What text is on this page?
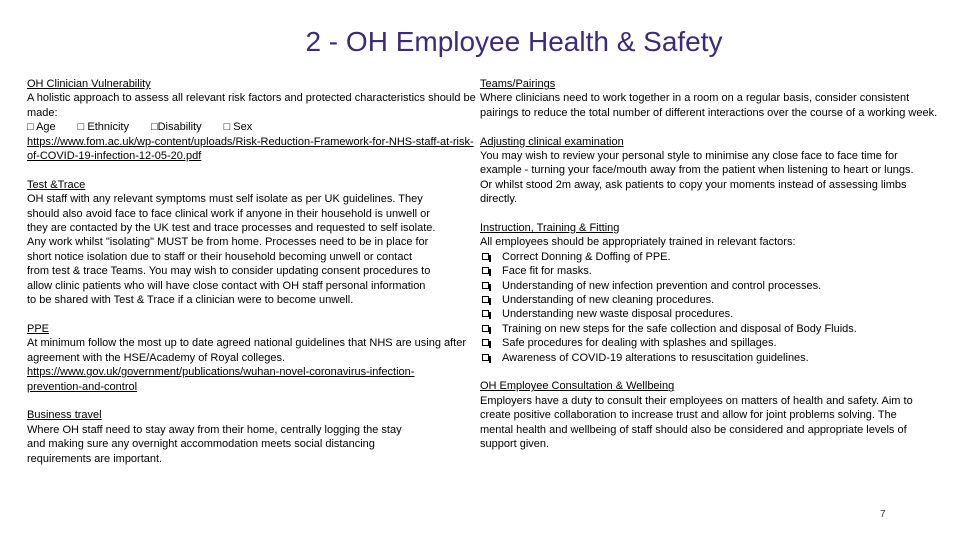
2 - OH Employee Health & Safety
OH Clinician Vulnerability
A holistic approach to assess all relevant risk factors and protected characteristics should be made:
□ Age □ Ethnicity □Disability □ Sex
https://www.fom.ac.uk/wp-content/uploads/Risk-Reduction-Framework-for-NHS-staff-at-risk-of-COVID-19-infection-12-05-20.pdf
Test &Trace
OH staff with any relevant symptoms must self isolate as per UK guidelines. They should also avoid face to face clinical work if anyone in their household is unwell or they are contacted by the UK test and trace processes and requested to self isolate. Any work whilst "isolating" MUST be from home. Processes need to be in place for short notice isolation due to staff or their household becoming unwell or contact from test & trace Teams. You may wish to consider updating consent procedures to allow clinic patients who will have close contact with OH staff personal information to be shared with Test & Trace if a clinician were to become unwell.
PPE
At minimum follow the most up to date agreed national guidelines that NHS are using after agreement with the HSE/Academy of Royal colleges.
https://www.gov.uk/government/publications/wuhan-novel-coronavirus-infection-prevention-and-control
Business travel
Where OH staff need to stay away from their home, centrally logging the stay and making sure any overnight accommodation meets social distancing requirements are important.
Teams/Pairings
Where clinicians need to work together in a room on a regular basis, consider consistent pairings to reduce the total number of different interactions over the course of a working week.
Adjusting clinical examination
You may wish to review your personal style to minimise any close face to face time for example - turning your face/mouth away from the patient when listening to heart or lungs. Or whilst stood 2m away, ask patients to copy your moments instead of assessing limbs directly.
Instruction, Training & Fitting
All employees should be appropriately trained in relevant factors:
Correct Donning & Doffing of PPE.
Face fit for masks.
Understanding of new infection prevention and control processes.
Understanding of new cleaning procedures.
Understanding new waste disposal procedures.
Training on new steps for the safe collection and disposal of Body Fluids.
Safe procedures for dealing with splashes and spillages.
Awareness of COVID-19 alterations to resuscitation guidelines.
OH Employee Consultation & Wellbeing
Employers have a duty to consult their employees on matters of health and safety. Aim to create positive collaboration to increase trust and allow for joint problems solving. The mental health and wellbeing of staff should also be considered and appropriate levels of support given.
7
